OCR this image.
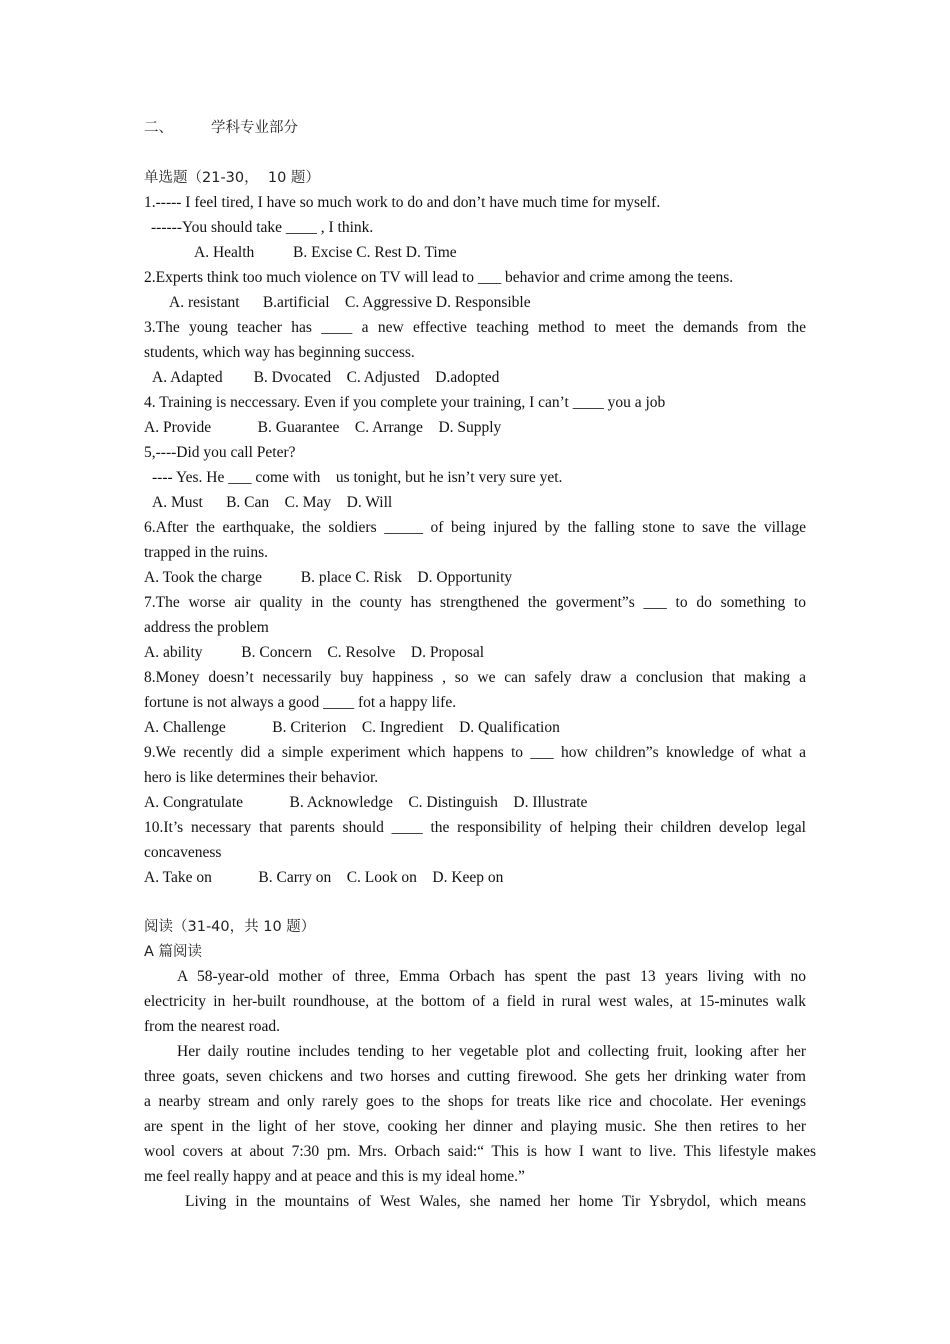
二、	学科专业部分
单选题（21-30，  10 题）
1.----- I feel tired, I have so much work to do and don’t have much time for myself.
------You should take ____ , I think.
A. Health          B. Excise C. Rest D. Time
2.Experts think too much violence on TV will lead to ___ behavior and crime among the teens.
A. resistant      B.artificial    C. Aggressive D. Responsible
3.The young teacher has ____ a new effective teaching method to meet the demands from the
students, which way has beginning success.
A. Adapted        B. Dvocated    C. Adjusted    D.adopted
4. Training is neccessary. Even if you complete your training, I can’t ____ you a job
A. Provide            B. Guarantee    C. Arrange    D. Supply
5,----Did you call Peter?
---- Yes. He ___ come with    us tonight, but he isn’t very sure yet.
A. Must      B. Can    C. May    D. Will
6.After the earthquake, the soldiers _____ of being injured by the falling stone to save the village
trapped in the ruins.
A. Took the charge          B. place C. Risk    D. Opportunity
7.The worse air quality in the county has strengthened the goverment”s ___ to do something to
address the problem
A. ability          B. Concern    C. Resolve    D. Proposal
8.Money doesn’t necessarily buy happiness , so we can safely draw a conclusion that making a
fortune is not always a good ____ fot a happy life.
A. Challenge            B. Criterion    C. Ingredient    D. Qualification
9.We recently did a simple experiment which happens to ___ how children”s knowledge of what a
hero is like determines their behavior.
A. Congratulate            B. Acknowledge    C. Distinguish    D. Illustrate
10.It’s necessary that parents should ____ the responsibility of helping their children develop legal
concaveness
A. Take on            B. Carry on    C. Look on    D. Keep on
阅读（31-40，共 10 题）
A 篇阅读
A 58-year-old mother of three, Emma Orbach has spent the past 13 years living with no
electricity in her-built roundhouse, at the bottom of a field in rural west wales, at 15-minutes walk
from the nearest road.
Her daily routine includes tending to her vegetable plot and collecting fruit, looking after her
three goats, seven chickens and two horses and cutting firewood. She gets her drinking water from
a nearby stream and only rarely goes to the shops for treats like rice and chocolate. Her evenings
are spent in the light of her stove, cooking her dinner and playing music. She then retires to her
wool covers at about 7:30 pm. Mrs. Orbach said:“ This is how I want to live. This lifestyle makes
me feel really happy and at peace and this is my ideal home.”
Living in the mountains of West Wales, she named her home Tir Ysbrydol, which means
